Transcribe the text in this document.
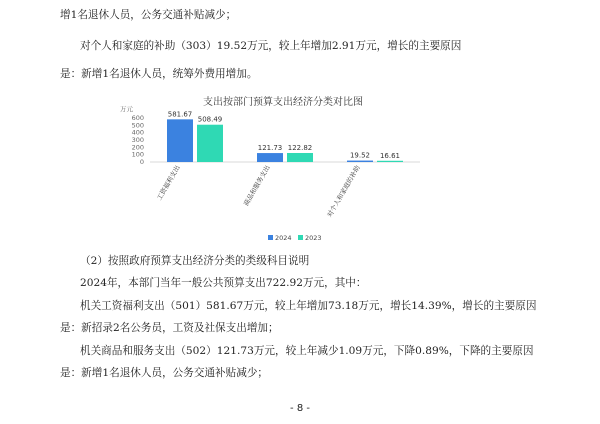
增1名退休人员，公务交通补贴减少；
对个人和家庭的补助（303）19.52万元，较上年增加2.91万元，增长的主要原因
是：新增1名退休人员，统筹外费用增加。
支出按部门预算支出经济分类对比图
万元
0
100
200
300
400
500
600	581.67
508.49
121.73 122.82
19.52 16.61
工资福利支出	商品和服务支出	对个人和家庭的补助
2024 2023
（2）按照政府预算支出经济分类的类级科目说明
2024年，本部门当年一般公共预算支出722.92万元，其中：
机关工资福利支出（501）581.67万元，较上年增加73.18万元，增长14.39%，增长的主要原因
是：新招录2名公务员，工资及社保支出增加；
机关商品和服务支出（502）121.73万元，较上年减少1.09万元，下降0.89%，下降的主要原因
是：新增1名退休人员，公务交通补贴减少；
- 8 -
